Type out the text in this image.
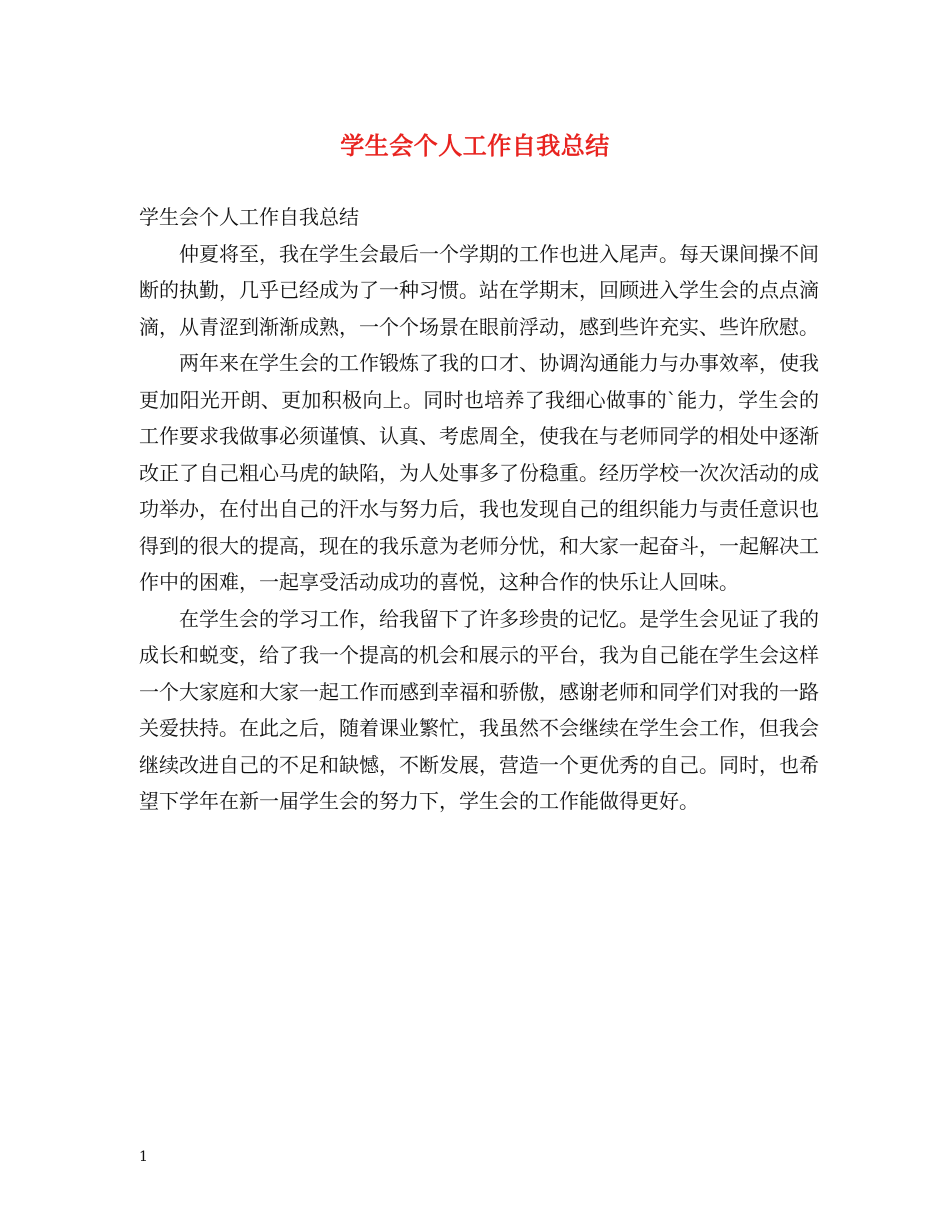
学生会个人工作自我总结

学生会个人工作自我总结

仲夏将至，我在学生会最后一个学期的工作也进入尾声。每天课间操不间断的执勤，几乎已经成为了一种习惯。站在学期末，回顾进入学生会的点点滴滴，从青涩到渐渐成熟，一个个场景在眼前浮动，感到些许充实、些许欣慰。

两年来在学生会的工作锻炼了我的口才、协调沟通能力与办事效率，使我更加阳光开朗、更加积极向上。同时也培养了我细心做事的`能力，学生会的工作要求我做事必须谨慎、认真、考虑周全，使我在与老师同学的相处中逐渐改正了自己粗心马虎的缺陷，为人处事多了份稳重。经历学校一次次活动的成功举办，在付出自己的汗水与努力后，我也发现自己的组织能力与责任意识也得到的很大的提高，现在的我乐意为老师分忧，和大家一起奋斗，一起解决工作中的困难，一起享受活动成功的喜悦，这种合作的快乐让人回味。

在学生会的学习工作，给我留下了许多珍贵的记忆。是学生会见证了我的成长和蜕变，给了我一个提高的机会和展示的平台，我为自己能在学生会这样一个大家庭和大家一起工作而感到幸福和骄傲，感谢老师和同学们对我的一路关爱扶持。在此之后，随着课业繁忙，我虽然不会继续在学生会工作，但我会继续改进自己的不足和缺憾，不断发展，营造一个更优秀的自己。同时，也希望下学年在新一届学生会的努力下，学生会的工作能做得更好。

1
